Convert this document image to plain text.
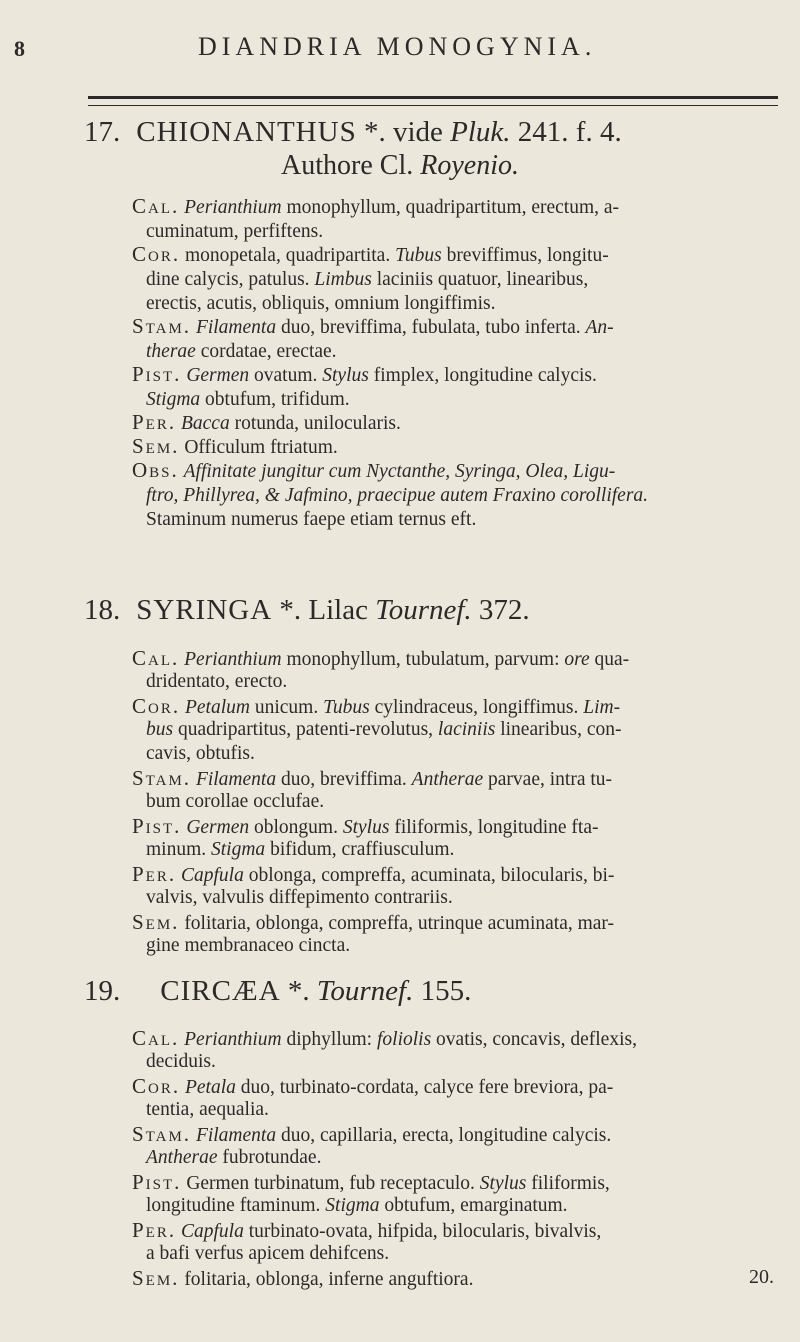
8	DIANDRIA MONOGYNIA.
17. CHIONANTHUS *. vide Pluk. 241. f. 4.
Authore Cl. Royenio.
Cal. Perianthium monophyllum, quadripartitum, erectum, a-
cuminatum, perfiftens.
Cor. monopetala, quadripartita. Tubus breviffimus, longitu-
dine calycis, patulus. Limbus laciniis quatuor, linearibus,
erectis, acutis, obliquis, omnium longiffimis.
Stam. Filamenta duo, breviffima, fubulata, tubo inferta. An-
therae cordatae, erectae.
Pist. Germen ovatum. Stylus fimplex, longitudine calycis.
Stigma obtufum, trifidum.
Per. Bacca rotunda, unilocularis.
Sem. Officulum ftriatum.
Obs. Affinitate jungitur cum Nyctanthe, Syringa, Olea, Ligu-
ftro, Phillyrea, & Jafmino, praecipue autem Fraxino corollifera.
Staminum numerus faepe etiam ternus eft.
18. SYRINGA *. Lilac Tournef. 372.
Cal. Perianthium monophyllum, tubulatum, parvum: ore qua-
dridentato, erecto.
Cor. Petalum unicum. Tubus cylindraceus, longiffimus. Lim-
bus quadripartitus, patenti-revolutus, laciniis linearibus, con-
cavis, obtufis.
Stam. Filamenta duo, breviffima. Antherae parvae, intra tu-
bum corollae occlufae.
Pist. Germen oblongum. Stylus filiformis, longitudine fta-
minum. Stigma bifidum, craffiusculum.
Per. Capfula oblonga, compreffa, acuminata, bilocularis, bi-
valvis, valvulis diffepimento contrariis.
Sem. folitaria, oblonga, compreffa, utrinque acuminata, mar-
gine membranaceo cincta.
19. CIRCÆA *. Tournef. 155.
Cal. Perianthium diphyllum: foliolis ovatis, concavis, deflexis,
deciduis.
Cor. Petala duo, turbinato-cordata, calyce fere breviora, pa-
tentia, aequalia.
Stam. Filamenta duo, capillaria, erecta, longitudine calycis.
Antherae fubrotundae.
Pist. Germen turbinatum, fub receptaculo. Stylus filiformis,
longitudine ftaminum. Stigma obtufum, emarginatum.
Per. Capfula turbinato-ovata, hifpida, bilocularis, bivalvis,
a bafi verfus apicem dehifcens.
Sem. folitaria, oblonga, inferne anguftiora.	20.
